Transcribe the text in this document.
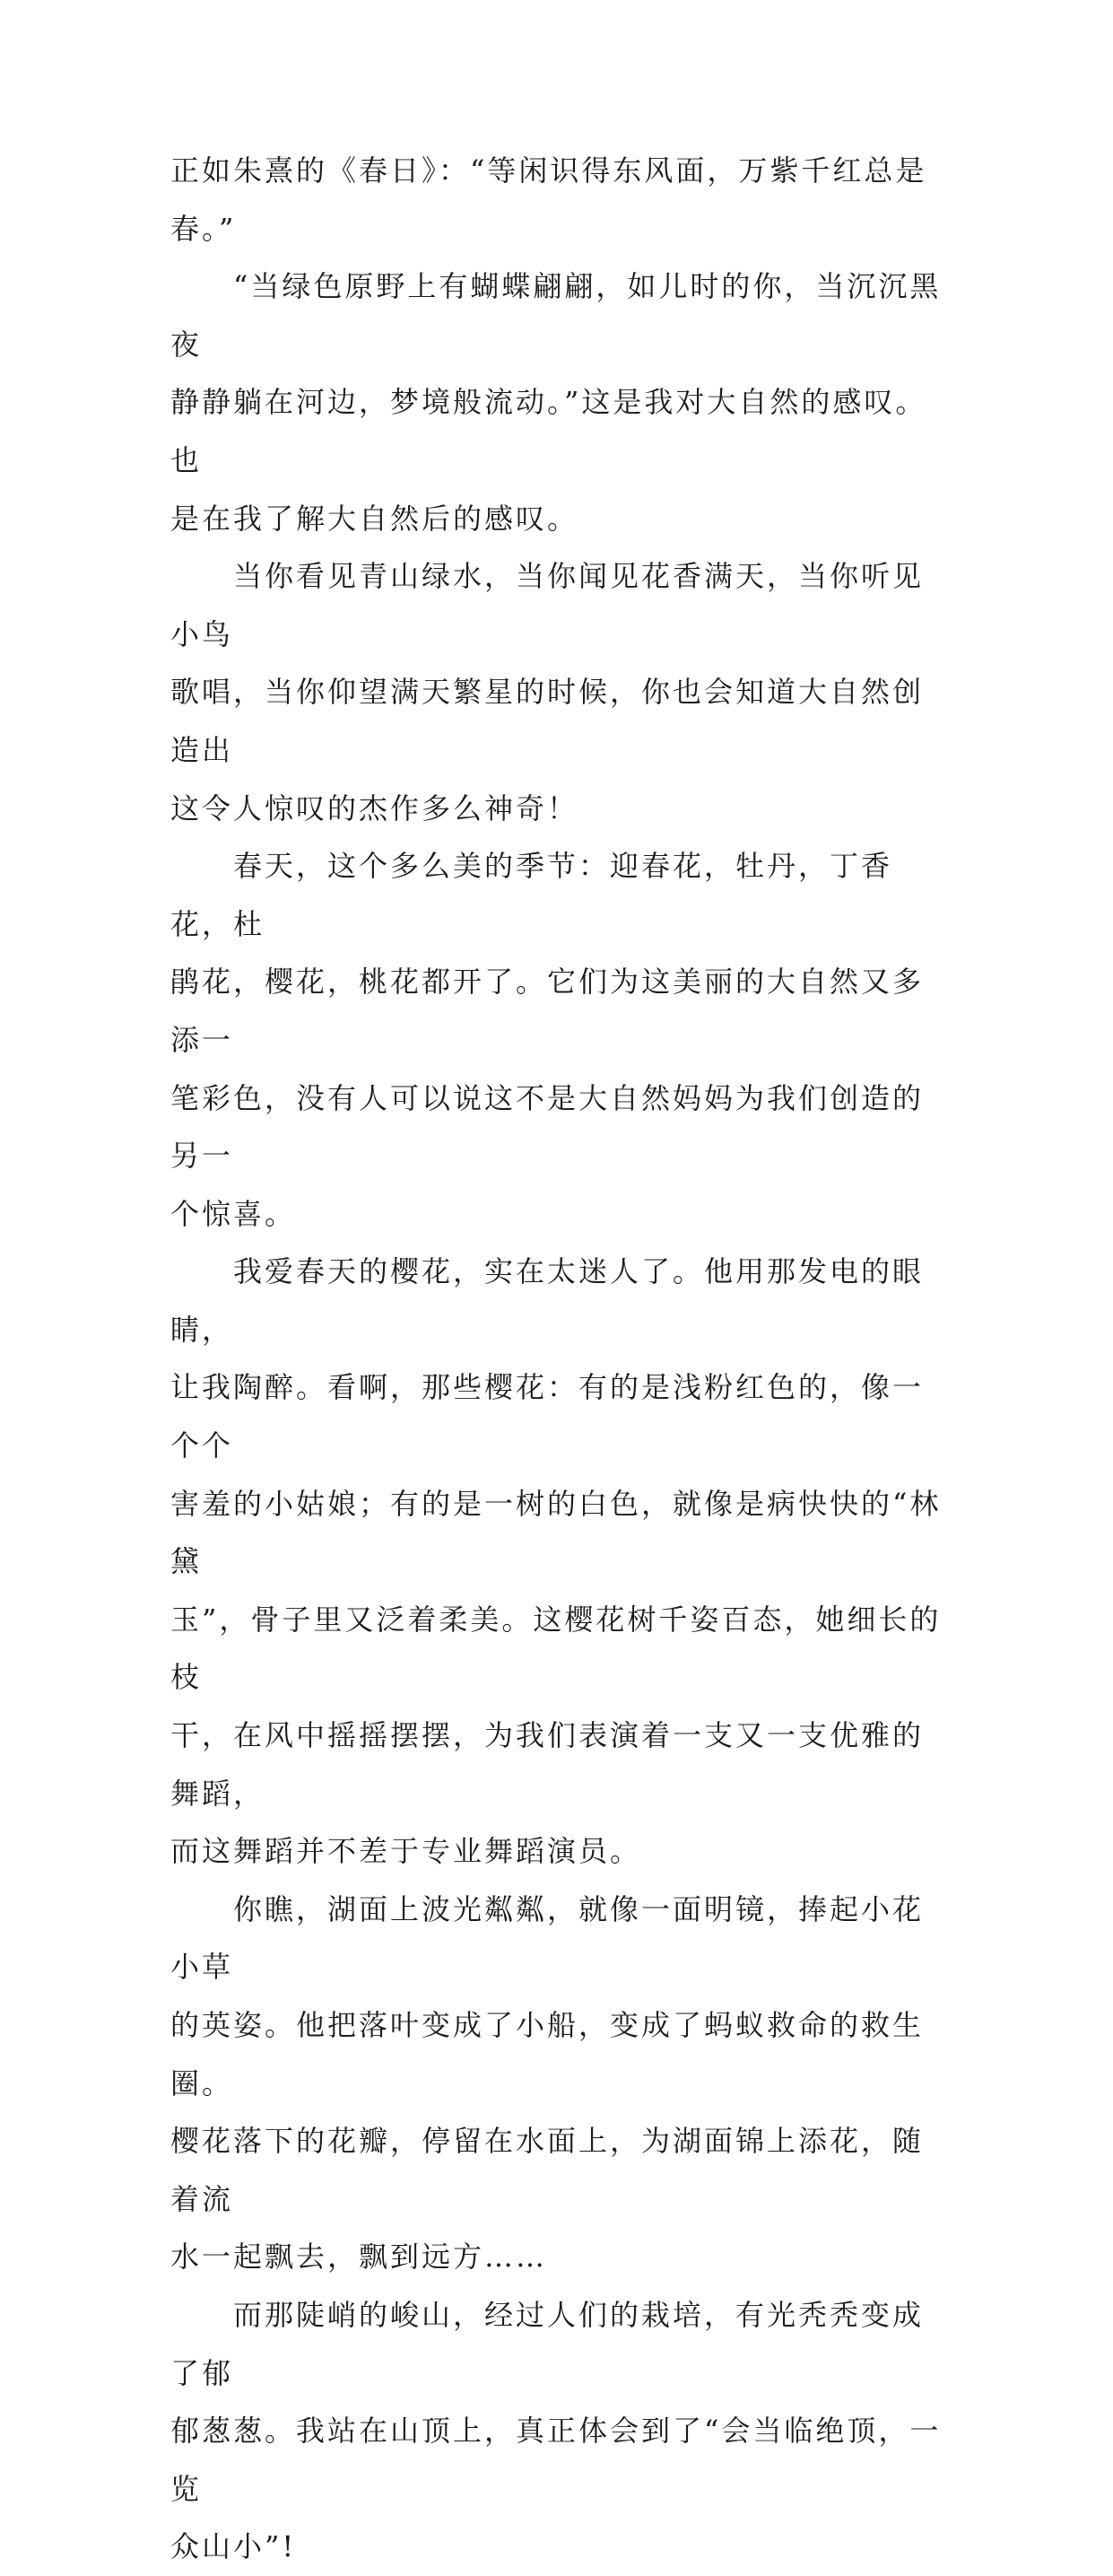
正如朱熹的《春日》：“等闲识得东风面，万紫千红总是春。”

“当绿色原野上有蝴蝶翩翩，如儿时的你，当沉沉黑夜
静静躺在河边，梦境般流动。”这是我对大自然的感叹。也
是在我了解大自然后的感叹。

当你看见青山绿水，当你闻见花香满天，当你听见小鸟
歌唱，当你仰望满天繁星的时候，你也会知道大自然创造出
这令人惊叹的杰作多么神奇！

春天，这个多么美的季节：迎春花，牡丹，丁香花，杜
鹃花，樱花，桃花都开了。它们为这美丽的大自然又多添一
笔彩色，没有人可以说这不是大自然妈妈为我们创造的另一
个惊喜。

我爱春天的樱花，实在太迷人了。他用那发电的眼睛，
让我陶醉。看啊，那些樱花：有的是浅粉红色的，像一个个
害羞的小姑娘；有的是一树的白色，就像是病快快的“林黛
玉”，骨子里又泛着柔美。这樱花树千姿百态，她细长的枝
干，在风中摇摇摆摆，为我们表演着一支又一支优雅的舞蹈，
而这舞蹈并不差于专业舞蹈演员。

你瞧，湖面上波光粼粼，就像一面明镜，捧起小花小草
的英姿。他把落叶变成了小船，变成了蚂蚁救命的救生圈。
樱花落下的花瓣，停留在水面上，为湖面锦上添花，随着流
水一起飘去，飘到远方……

而那陡峭的峻山，经过人们的栽培，有光秃秃变成了郁
郁葱葱。我站在山顶上，真正体会到了“会当临绝顶，一览
众山小”!
